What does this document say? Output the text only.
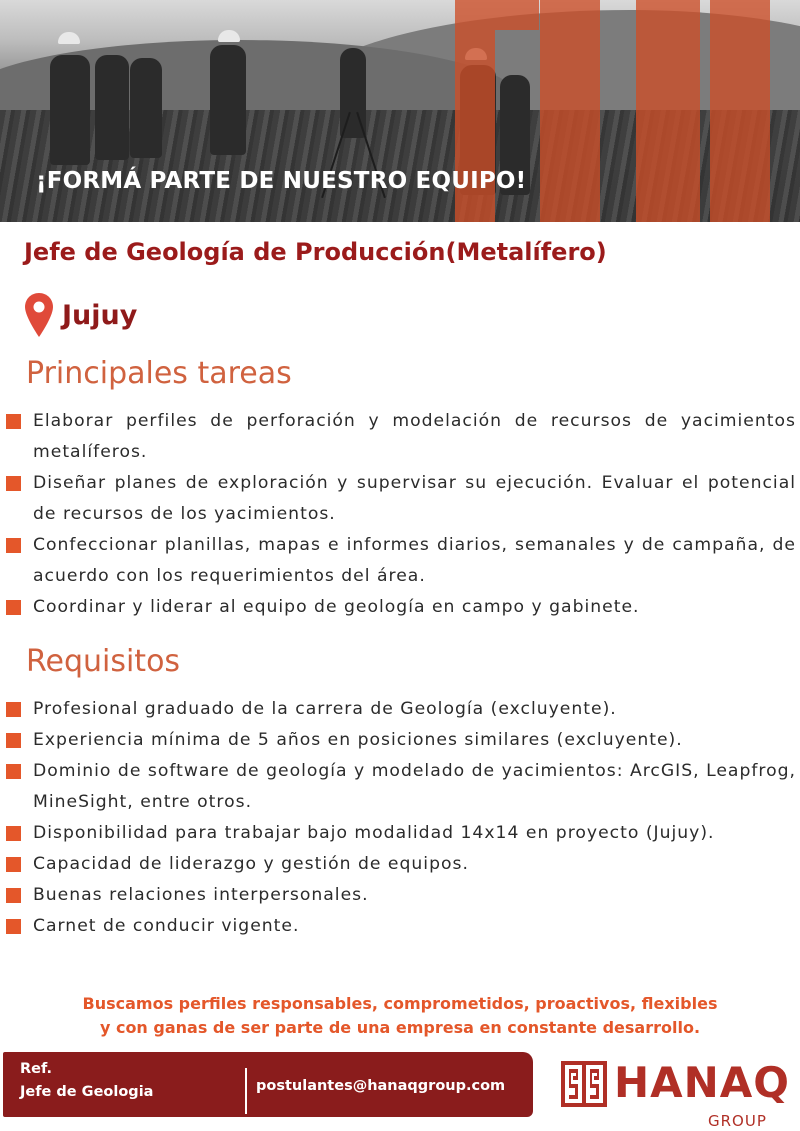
¡FORMÁ PARTE DE NUESTRO EQUIPO!
Jefe de Geología de Producción(Metalífero)
Jujuy
Principales tareas
Elaborar perfiles de perforación y modelación de recursos de yacimientos metalíferos.
Diseñar planes de exploración y supervisar su ejecución. Evaluar el potencial de recursos de los yacimientos.
Confeccionar planillas, mapas e informes diarios, semanales y de campaña, de acuerdo con los requerimientos del área.
Coordinar y liderar al equipo de geología en campo y gabinete.
Requisitos
Profesional graduado de la carrera de Geología (excluyente).
Experiencia mínima de 5 años en posiciones similares (excluyente).
Dominio de software de geología y modelado de yacimientos: ArcGIS, Leapfrog, MineSight, entre otros.
Disponibilidad para trabajar bajo modalidad 14x14 en proyecto (Jujuy).
Capacidad de liderazgo y gestión de equipos.
Buenas relaciones interpersonales.
Carnet de conducir vigente.

Buscamos perfiles responsables, comprometidos, proactivos, flexibles
y con ganas de ser parte de una empresa en constante desarrollo.

Ref.
Jefe de Geologia	postulantes@hanaqgroup.com	HANAQ
GROUP
